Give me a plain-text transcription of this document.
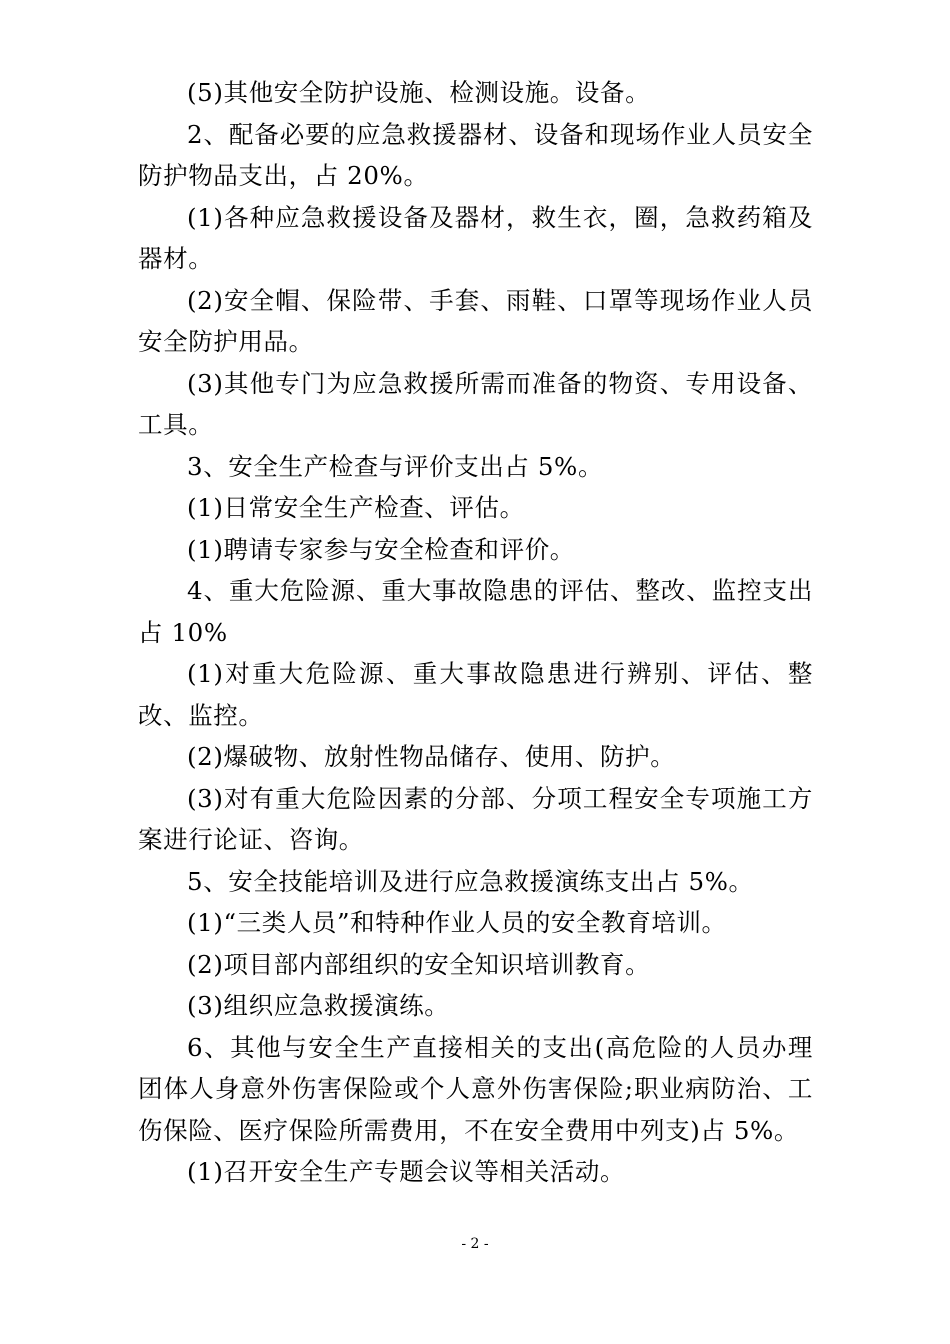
(5)其他安全防护设施、检测设施。设备。

2、配备必要的应急救援器材、设备和现场作业人员安全防护物品支出，占 20%。

(1)各种应急救援设备及器材，救生衣，圈，急救药箱及器材。

(2)安全帽、保险带、手套、雨鞋、口罩等现场作业人员安全防护用品。

(3)其他专门为应急救援所需而准备的物资、专用设备、工具。

3、安全生产检查与评价支出占 5%。

(1)日常安全生产检查、评估。

(1)聘请专家参与安全检查和评价。

4、重大危险源、重大事故隐患的评估、整改、监控支出占 10%

(1)对重大危险源、重大事故隐患进行辨别、评估、整改、监控。

(2)爆破物、放射性物品储存、使用、防护。

(3)对有重大危险因素的分部、分项工程安全专项施工方案进行论证、咨询。

5、安全技能培训及进行应急救援演练支出占 5%。

(1)“三类人员”和特种作业人员的安全教育培训。

(2)项目部内部组织的安全知识培训教育。

(3)组织应急救援演练。

6、其他与安全生产直接相关的支出(高危险的人员办理团体人身意外伤害保险或个人意外伤害保险;职业病防治、工伤保险、医疗保险所需费用，不在安全费用中列支)占 5%。

(1)召开安全生产专题会议等相关活动。

- 2 -
